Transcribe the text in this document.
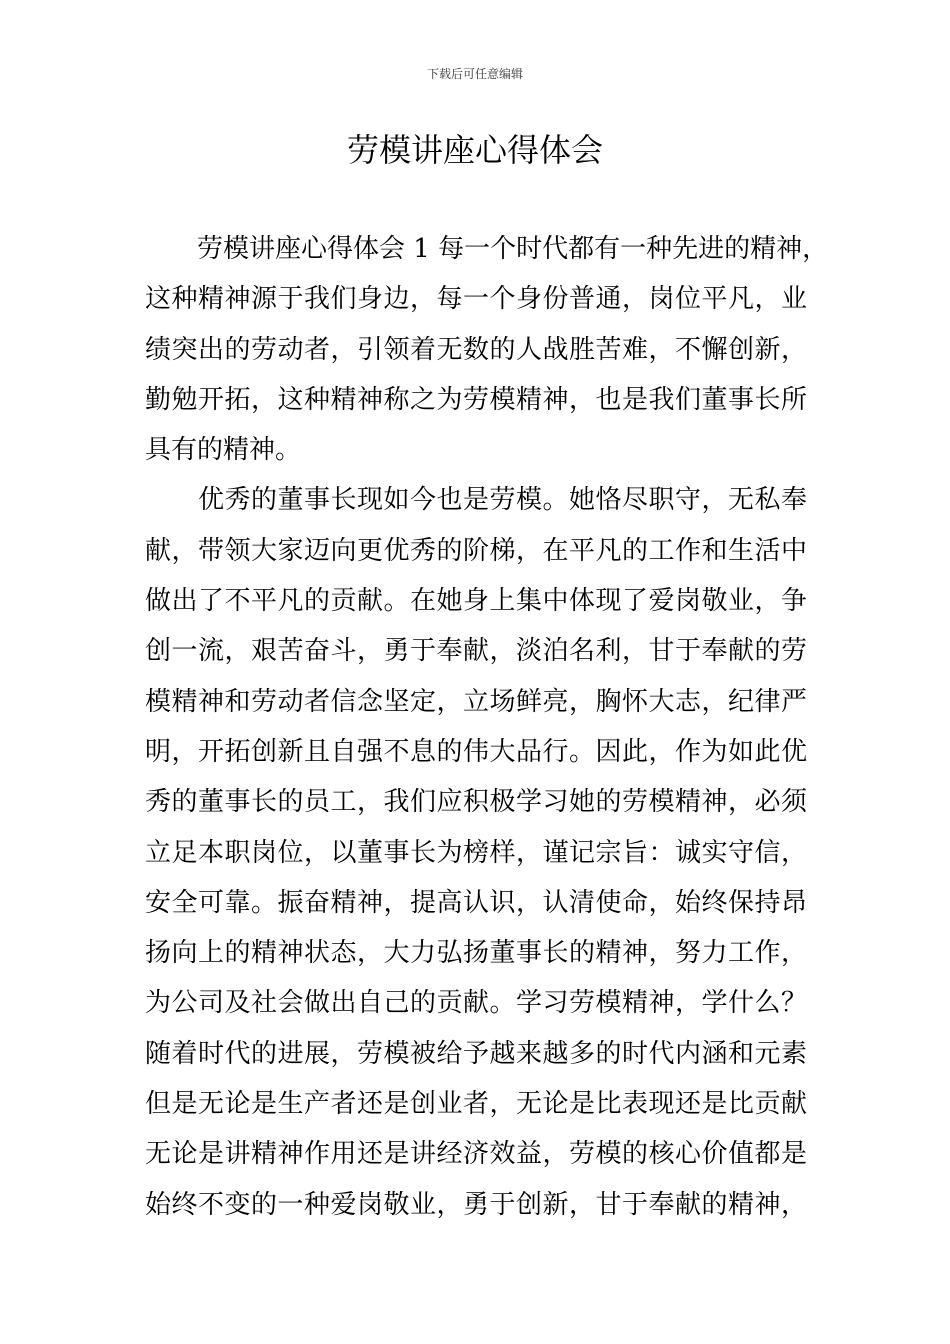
下载后可任意编辑
劳模讲座心得体会

　　劳模讲座心得体会 1 每一个时代都有一种先进的精神，
这种精神源于我们身边，每一个身份普通，岗位平凡，业
绩突出的劳动者，引领着无数的人战胜苦难，不懈创新，
勤勉开拓，这种精神称之为劳模精神，也是我们董事长所
具有的精神。

　　优秀的董事长现如今也是劳模。她恪尽职守，无私奉
献，带领大家迈向更优秀的阶梯，在平凡的工作和生活中
做出了不平凡的贡献。在她身上集中体现了爱岗敬业，争
创一流，艰苦奋斗，勇于奉献，淡泊名利，甘于奉献的劳
模精神和劳动者信念坚定，立场鲜亮，胸怀大志，纪律严
明，开拓创新且自强不息的伟大品行。因此，作为如此优
秀的董事长的员工，我们应积极学习她的劳模精神，必须
立足本职岗位，以董事长为榜样，谨记宗旨：诚实守信，
安全可靠。振奋精神，提高认识，认清使命，始终保持昂
扬向上的精神状态，大力弘扬董事长的精神，努力工作，
为公司及社会做出自己的贡献。学习劳模精神，学什么？
随着时代的进展，劳模被给予越来越多的时代内涵和元素
但是无论是生产者还是创业者，无论是比表现还是比贡献
无论是讲精神作用还是讲经济效益，劳模的核心价值都是
始终不变的一种爱岗敬业，勇于创新，甘于奉献的精神，
